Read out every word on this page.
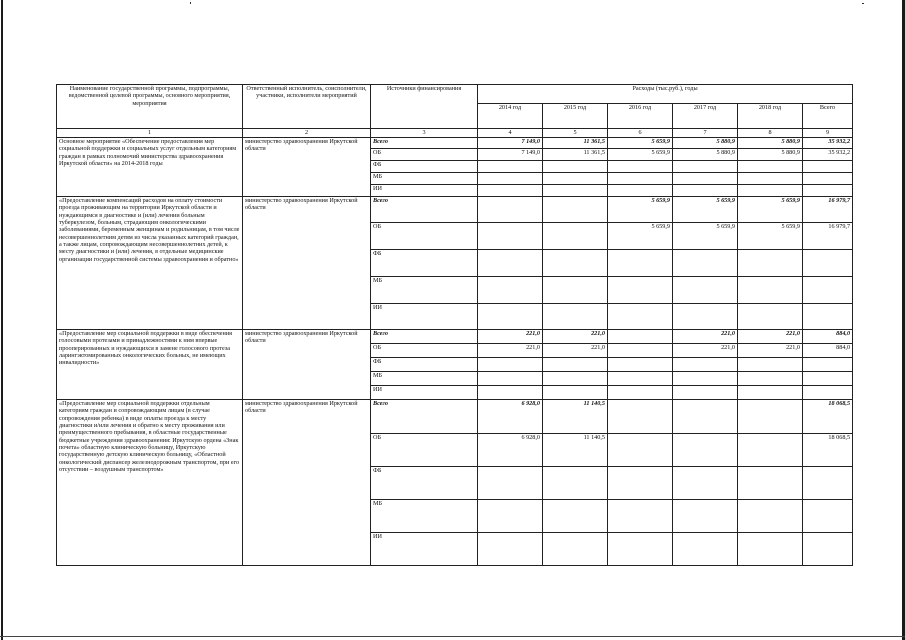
Наименование государственной программы, подпрограммы, ведомственной целевой программы, основного мероприятия, мероприятия	Ответственный исполнитель, соисполнители, участники, исполнители мероприятий	Источники финансирования	Расходы (тыс.руб.), годы					
			2014 год	2015 год	2016 год	2017 год	2018 год	Всего
1	2	3	4	5	6	7	8	9
Основное мероприятие «Обеспечение предоставления мер социальной поддержки и социальных услуг отдельным категориям граждан в рамках полномочий министерства здравоохранения Иркутской области» на 2014-2018 годы	министерство здравоохранения Иркутской области	Всего	7 149,0	11 361,5	5 659,9	5 880,9	5 880,9	35 932,2
		ОБ	7 149,0	11 361,5	5 659,9	5 880,9	5 880,9	35 932,2
		ФБ						
		МБ						
		ИИ						
«Предоставление компенсаций расходов на оплату стоимости проезда проживающим на территории Иркутской области и нуждающимся в диагностике и (или) лечении больным туберкулезом, больным, страдающим онкологическими заболеваниями, беременным женщинам и родильницам, в том числе несовершеннолетним детям из числа указанных категорий граждан, а также лицам, сопровождающим несовершеннолетних детей, к месту диагностики и (или) лечения, в отдельные медицинские организации государственной системы здравоохранения и обратно»	министерство здравоохранения Иркутской области	Всего			5 659,9	5 659,9	5 659,9	16 979,7
		ОБ			5 659,9	5 659,9	5 659,9	16 979,7
		ФБ						
		МБ						
		ИИ						
«Предоставление мер социальной поддержки в виде обеспечения голосовыми протезами и принадлежностями к ним впервые прооперированных и нуждающихся в замене голосового протеза ларингэктомированных онкологических больных, не имеющих инвалидности»	министерство здравоохранения Иркутской области	Всего	221,0	221,0		221,0	221,0	884,0
		ОБ	221,0	221,0		221,0	221,0	884,0
		ФБ						
		МБ						
		ИИ						
«Предоставление мер социальной поддержки отдельным категориям граждан и сопровождающим лицам (в случае сопровождения ребенка) в виде оплаты проезда к месту диагностики и/или лечения и обратно к месту проживания или преимущественного пребывания, в областные государственные бюджетные учреждения здравоохранения: Иркутскую ордена «Знак почета» областную клиническую больницу, Иркутскую государственную детскую клиническую больницу, «Областной онкологический диспансер железнодорожным транспортом, при его отсутствии – воздушным транспортом»	министерство здравоохранения Иркутской области	Всего	6 928,0	11 140,5				18 068,5
		ОБ	6 928,0	11 140,5				18 068,5
		ФБ						
		МБ						
		ИИ						
